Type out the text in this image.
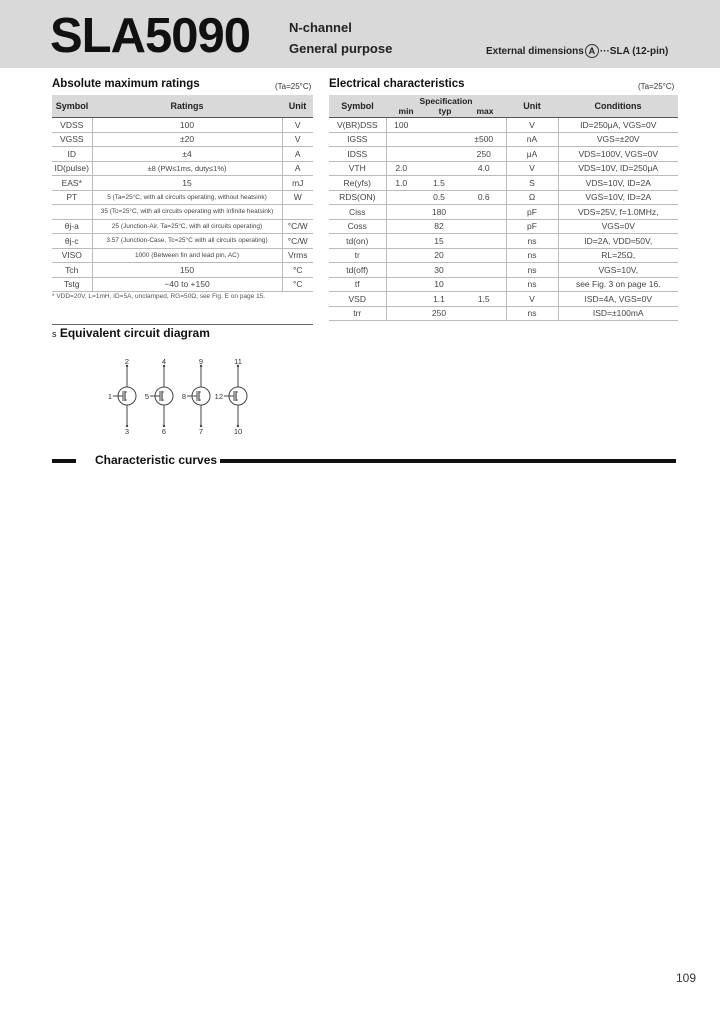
SLA5090	N-channel
General purpose	External dimensions A ···SLA (12-pin)
Absolute maximum ratings	(Ta=25°C)
Symbol	Ratings	Unit
VDSS	100	V
VGSS	±20	V
ID	±4	A
ID(pulse)	±8 (PW≤1ms, duty≤1%)	A
EAS*	15	mJ
PT	5 (Ta=25°C, with all circuits operating, without heatsink)	W
	35 (Tc=25°C, with all circuits operating with infinite heatsink)	
θj-a	25 (Junction-Air, Ta=25°C, with all circuits operating)	°C/W
θj-c	3.57 (Junction-Case, Tc=25°C with all circuits operating)	°C/W
VISO	1000 (Between fin and lead pin, AC)	Vrms
Tch	150	°C
Tstg	−40 to +150	°C
* VDD=20V, L=1mH, ID=5A, unclamped, RG=50Ω, see Fig. E on page 15.
Electrical characteristics	(Ta=25°C)
Symbol	Specification
min typ max			Unit	Conditions
V(BR)DSS	100			V	ID=250μA, VGS=0V
IGSS			±500	nA	VGS=±20V
IDSS			250	μA	VDS=100V, VGS=0V
VTH	2.0		4.0	V	VDS=10V, ID=250μA
Re(yfs)	1.0	1.5		S	VDS=10V, ID=2A
RDS(ON)		0.5	0.6	Ω	VGS=10V, ID=2A
Ciss		180		pF	VDS=25V, f=1.0MHz,
Coss		82		pF	VGS=0V
td(on)		15		ns	ID=2A, VDD≈50V,
tr		20		ns	RL=25Ω,
td(off)		30		ns	VGS=10V,
tf		10		ns	see Fig. 3 on page 16.
VSD		1.1	1.5	V	ISD=4A, VGS=0V
trr		250		ns	ISD=±100mA
s Equivalent circuit diagram
2
3
1
4
6
5
9
7
8
11
10
12
Characteristic curves
109
